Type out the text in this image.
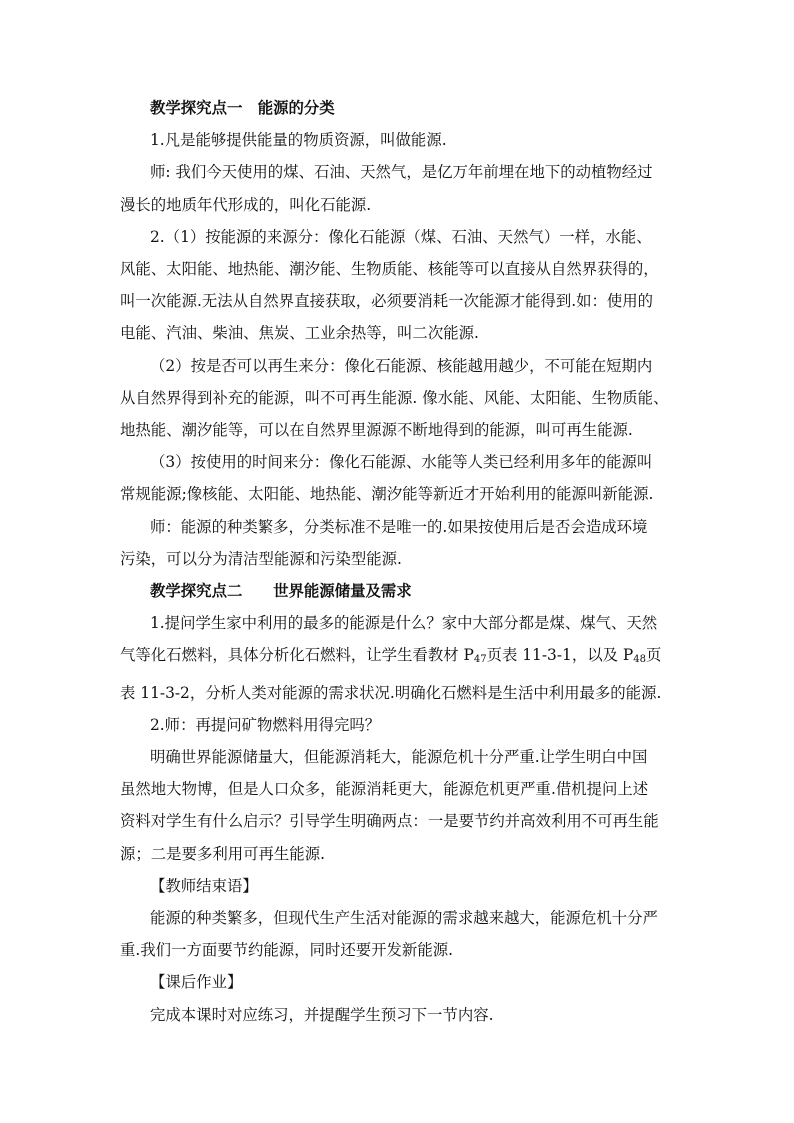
教学探究点一　能源的分类

1.凡是能够提供能量的物质资源，叫做能源.

师: 我们今天使用的煤、石油、天然气，是亿万年前埋在地下的动植物经过

漫长的地质年代形成的，叫化石能源.

2.（1）按能源的来源分：像化石能源（煤、石油、天然气）一样，水能、

风能、太阳能、地热能、潮汐能、生物质能、核能等可以直接从自然界获得的，

叫一次能源.无法从自然界直接获取，必须要消耗一次能源才能得到.如：使用的

电能、汽油、柴油、焦炭、工业余热等，叫二次能源.

（2）按是否可以再生来分：像化石能源、核能越用越少，不可能在短期内

从自然界得到补充的能源，叫不可再生能源. 像水能、风能、太阳能、生物质能、

地热能、潮汐能等，可以在自然界里源源不断地得到的能源，叫可再生能源.

（3）按使用的时间来分：像化石能源、水能等人类已经利用多年的能源叫

常规能源;像核能、太阳能、地热能、潮汐能等新近才开始利用的能源叫新能源.

师：能源的种类繁多，分类标准不是唯一的.如果按使用后是否会造成环境

污染，可以分为清洁型能源和污染型能源.

教学探究点二　　世界能源储量及需求

1.提问学生家中利用的最多的能源是什么？家中大部分都是煤、煤气、天然

气等化石燃料，具体分析化石燃料，让学生看教材 $P_{47}$页表 11-3-1，以及 $P_{48}$页

表 11-3-2，分析人类对能源的需求状况.明确化石燃料是生活中利用最多的能源.

2.师：再提问矿物燃料用得完吗？

明确世界能源储量大，但能源消耗大，能源危机十分严重.让学生明白中国

虽然地大物博，但是人口众多，能源消耗更大，能源危机更严重.借机提问上述

资料对学生有什么启示？引导学生明确两点：一是要节约并高效利用不可再生能

源；二是要多利用可再生能源.

【教师结束语】

能源的种类繁多，但现代生产生活对能源的需求越来越大，能源危机十分严

重.我们一方面要节约能源，同时还要开发新能源.

【课后作业】

完成本课时对应练习，并提醒学生预习下一节内容.
